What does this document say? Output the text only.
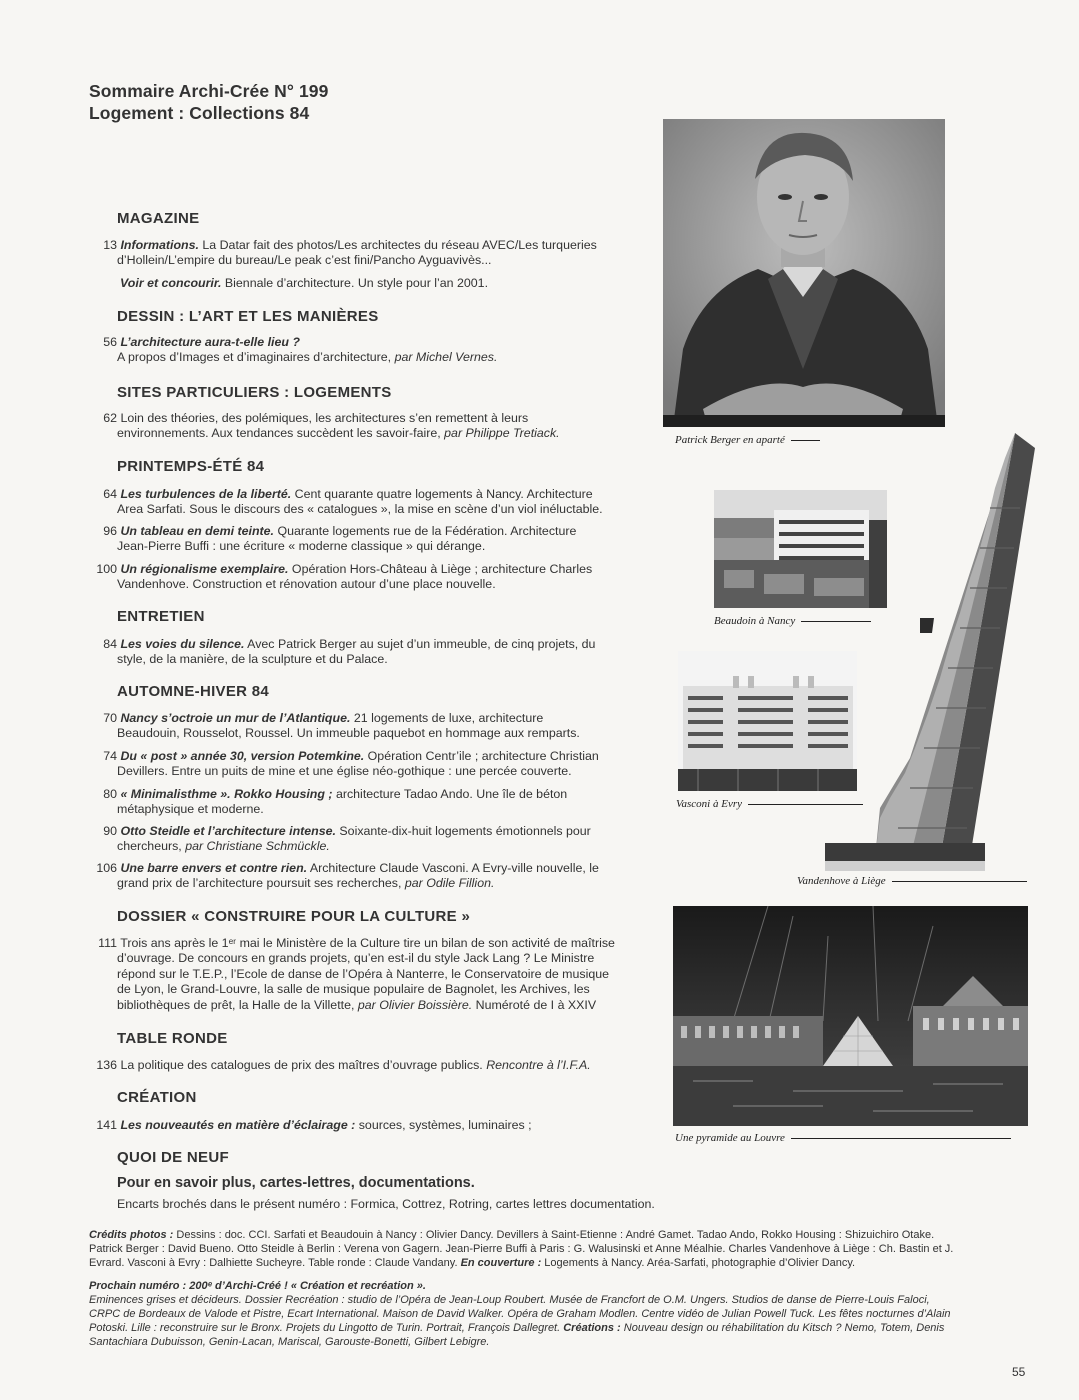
Sommaire Archi-Crée N° 199
Logement : Collections 84
MAGAZINE
13 Informations. La Datar fait des photos/Les architectes du réseau AVEC/Les turqueries
d’Hollein/L’empire du bureau/Le peak c’est fini/Pancho Ayguavivès...
Voir et concourir. Biennale d’architecture. Un style pour l’an 2001.
DESSIN : L’ART ET LES MANIÈRES
56 L’architecture aura-t-elle lieu ?
A propos d’Images et d’imaginaires d’architecture, par Michel Vernes.
SITES PARTICULIERS : LOGEMENTS
62 Loin des théories, des polémiques, les architectures s’en remettent à leurs
environnements. Aux tendances succèdent les savoir-faire, par Philippe Tretiack.
PRINTEMPS-ÉTÉ 84
64 Les turbulences de la liberté. Cent quarante quatre logements à Nancy. Architecture
Area Sarfati. Sous le discours des « catalogues », la mise en scène d’un viol inéluctable.
96 Un tableau en demi teinte. Quarante logements rue de la Fédération. Architecture
Jean-Pierre Buffi : une écriture « moderne classique » qui dérange.
100 Un régionalisme exemplaire. Opération Hors-Château à Liège ; architecture Charles
Vandenhove. Construction et rénovation autour d’une place nouvelle.
ENTRETIEN
84 Les voies du silence. Avec Patrick Berger au sujet d’un immeuble, de cinq projets, du
style, de la manière, de la sculpture et du Palace.
AUTOMNE-HIVER 84
70 Nancy s’octroie un mur de l’Atlantique. 21 logements de luxe, architecture
Beaudouin, Rousselot, Roussel. Un immeuble paquebot en hommage aux remparts.
74 Du « post » année 30, version Potemkine. Opération Centr’ile ; architecture Christian
Devillers. Entre un puits de mine et une église néo-gothique : une percée couverte.
80 « Minimalisthme ». Rokko Housing ; architecture Tadao Ando. Une île de béton
métaphysique et moderne.
90 Otto Steidle et l’architecture intense. Soixante-dix-huit logements émotionnels pour
chercheurs, par Christiane Schmückle.
106 Une barre envers et contre rien. Architecture Claude Vasconi. A Evry-ville nouvelle, le
grand prix de l’architecture poursuit ses recherches, par Odile Fillion.
DOSSIER « CONSTRUIRE POUR LA CULTURE »
111 Trois ans après le 1ᵉʳ mai le Ministère de la Culture tire un bilan de son activité de maîtrise
d’ouvrage. De concours en grands projets, qu’en est-il du style Jack Lang ? Le Ministre
répond sur le T.E.P., l’Ecole de danse de l’Opéra à Nanterre, le Conservatoire de musique
de Lyon, le Grand-Louvre, la salle de musique populaire de Bagnolet, les Archives, les
bibliothèques de prêt, la Halle de la Villette, par Olivier Boissière. Numéroté de I à XXIV
TABLE RONDE
136 La politique des catalogues de prix des maîtres d’ouvrage publics. Rencontre à l’I.F.A.
CRÉATION
141 Les nouveautés en matière d’éclairage : sources, systèmes, luminaires ;
QUOI DE NEUF
Pour en savoir plus, cartes-lettres, documentations.
Encarts brochés dans le présent numéro : Formica, Cottrez, Rotring, cartes lettres documentation.
Crédits photos : Dessins : doc. CCI. Sarfati et Beaudouin à Nancy : Olivier Dancy. Devillers à Saint-Etienne : André Gamet. Tadao Ando, Rokko Housing : Shizuichiro Otake.
Patrick Berger : David Bueno. Otto Steidle à Berlin : Verena von Gagern. Jean-Pierre Buffi à Paris : G. Walusinski et Anne Méalhie. Charles Vandenhove à Liège : Ch. Bastin et J.
Evrard. Vasconi à Evry : Dalhiette Sucheyre. Table ronde : Claude Vandany. En couverture : Logements à Nancy. Aréa-Sarfati, photographie d’Olivier Dancy.
Prochain numéro : 200ᵉ d’Archi-Créé ! « Création et recréation ».
Eminences grises et décideurs. Dossier Recréation : studio de l’Opéra de Jean-Loup Roubert. Musée de Francfort de O.M. Ungers. Studios de danse de Pierre-Louis Faloci,
CRPC de Bordeaux de Valode et Pistre, Ecart International. Maison de David Walker. Opéra de Graham Modlen. Centre vidéo de Julian Powell Tuck. Les fêtes nocturnes d’Alain
Potoski. Lille : reconstruire sur le Bronx. Projets du Lingotto de Turin. Portrait, François Dallegret. Créations : Nouveau design ou réhabilitation du Kitsch ? Nemo, Totem, Denis
Santachiara Dubuisson, Genin-Lacan, Mariscal, Garouste-Bonetti, Gilbert Lebigre.
55
Patrick Berger en aparté
Beaudoin à Nancy
Vasconi à Evry
Vandenhove à Liège
Une pyramide au Louvre
